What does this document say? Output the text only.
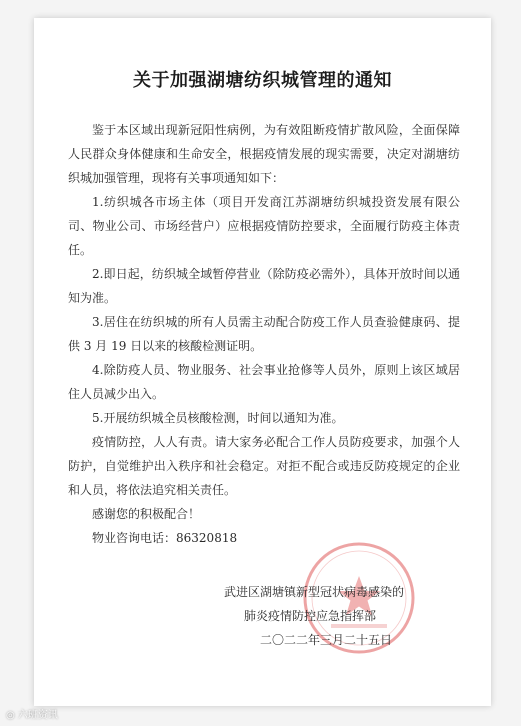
关于加强湖塘纺织城管理的通知

鉴于本区域出现新冠阳性病例，为有效阻断疫情扩散风险，全面保障人民群众身体健康和生命安全，根据疫情发展的现实需要，决定对湖塘纺织城加强管理，现将有关事项通知如下：

1.纺织城各市场主体（项目开发商江苏湖塘纺织城投资发展有限公司、物业公司、市场经营户）应根据疫情防控要求，全面履行防疫主体责任。

2.即日起，纺织城全域暂停营业（除防疫必需外），具体开放时间以通知为准。

3.居住在纺织城的所有人员需主动配合防疫工作人员查验健康码、提供 3 月 19 日以来的核酸检测证明。

4.除防疫人员、物业服务、社会事业抢修等人员外，原则上该区域居住人员减少出入。

5.开展纺织城全员核酸检测，时间以通知为准。

疫情防控，人人有责。请大家务必配合工作人员防疫要求，加强个人防护，自觉维护出入秩序和社会稳定。对拒不配合或违反防疫规定的企业和人员，将依法追究相关责任。

感谢您的积极配合！

物业咨询电话：86320818

武进区湖塘镇新型冠状病毒感染的
肺炎疫情防控应急指挥部
二〇二二年三月二十五日
◎ 六班资讯
